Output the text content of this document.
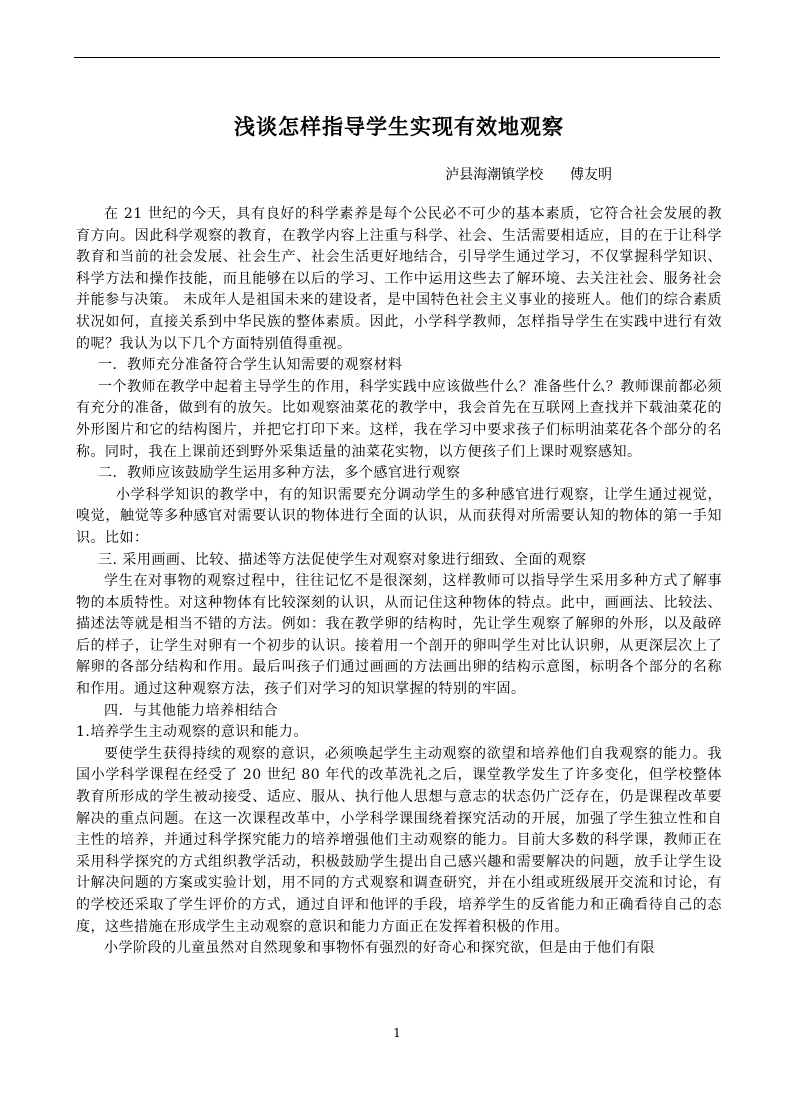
浅谈怎样指导学生实现有效地观察
泸县海潮镇学校      傅友明

在 21 世纪的今天，具有良好的科学素养是每个公民必不可少的基本素质，它符合社会发展的教育方向。因此科学观察的教育，在教学内容上注重与科学、社会、生活需要相适应，目的在于让科学教育和当前的社会发展、社会生产、社会生活更好地结合，引导学生通过学习，不仅掌握科学知识、科学方法和操作技能，而且能够在以后的学习、工作中运用这些去了解环境、去关注社会、服务社会并能参与决策。 未成年人是祖国未来的建设者，是中国特色社会主义事业的接班人。他们的综合素质状况如何，直接关系到中华民族的整体素质。因此，小学科学教师，怎样指导学生在实践中进行有效的呢？我认为以下几个方面特别值得重视。

一．教师充分准备符合学生认知需要的观察材料

一个教师在教学中起着主导学生的作用，科学实践中应该做些什么？准备些什么？教师课前都必须有充分的准备，做到有的放矢。比如观察油菜花的教学中，我会首先在互联网上查找并下载油菜花的外形图片和它的结构图片，并把它打印下来。这样，我在学习中要求孩子们标明油菜花各个部分的名称。同时，我在上课前还到野外采集适量的油菜花实物，以方便孩子们上课时观察感知。

二．教师应该鼓励学生运用多种方法，多个感官进行观察

小学科学知识的教学中，有的知识需要充分调动学生的多种感官进行观察，让学生通过视觉，嗅觉，触觉等多种感官对需要认识的物体进行全面的认识，从而获得对所需要认知的物体的第一手知识。比如：

三. 采用画画、比较、描述等方法促使学生对观察对象进行细致、全面的观察

学生在对事物的观察过程中，往往记忆不是很深刻，这样教师可以指导学生采用多种方式了解事物的本质特性。对这种物体有比较深刻的认识，从而记住这种物体的特点。此中，画画法、比较法、描述法等就是相当不错的方法。例如：我在教学卵的结构时，先让学生观察了解卵的外形，以及敲碎后的样子，让学生对卵有一个初步的认识。接着用一个剖开的卵叫学生对比认识卵，从更深层次上了解卵的各部分结构和作用。最后叫孩子们通过画画的方法画出卵的结构示意图，标明各个部分的名称和作用。通过这种观察方法，孩子们对学习的知识掌握的特别的牢固。

四．与其他能力培养相结合

1.培养学生主动观察的意识和能力。

要使学生获得持续的观察的意识，必须唤起学生主动观察的欲望和培养他们自我观察的能力。我国小学科学课程在经受了 20 世纪 80 年代的改革洗礼之后，课堂教学发生了许多变化，但学校整体教育所形成的学生被动接受、适应、服从、执行他人思想与意志的状态仍广泛存在，仍是课程改革要解决的重点问题。在这一次课程改革中，小学科学课围绕着探究活动的开展，加强了学生独立性和自主性的培养，并通过科学探究能力的培养增强他们主动观察的能力。目前大多数的科学课，教师正在采用科学探究的方式组织教学活动，积极鼓励学生提出自己感兴趣和需要解决的问题，放手让学生设计解决问题的方案或实验计划，用不同的方式观察和调查研究，并在小组或班级展开交流和讨论，有的学校还采取了学生评价的方式，通过自评和他评的手段，培养学生的反省能力和正确看待自己的态度，这些措施在形成学生主动观察的意识和能力方面正在发挥着积极的作用。

小学阶段的儿童虽然对自然现象和事物怀有强烈的好奇心和探究欲，但是由于他们有限

1
